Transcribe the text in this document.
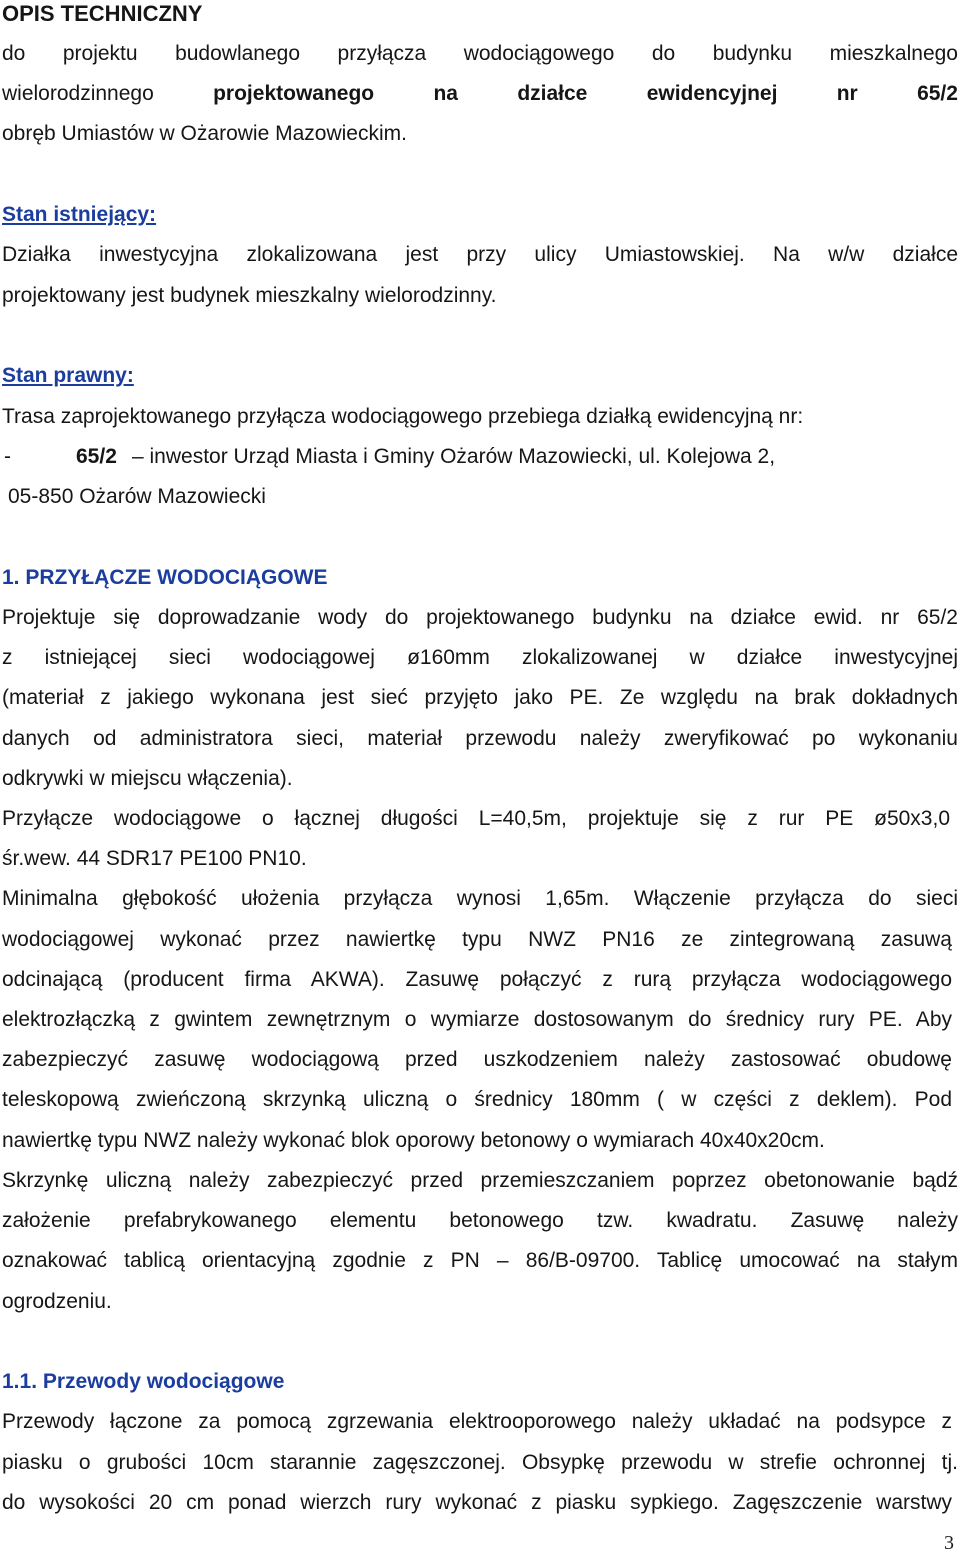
OPIS TECHNICZNY
do projektu budowlanego przyłącza wodociągowego do budynku mieszkalnego
wielorodzinnego	projektowanego	na	działce	ewidencyjnej	nr	65/2
obręb Umiastów w Ożarowie Mazowieckim.
Stan istniejący:
Działka inwestycyjna zlokalizowana jest przy ulicy Umiastowskiej. Na w/w działce
projektowany jest budynek mieszkalny wielorodzinny.
Stan prawny:
Trasa zaprojektowanego przyłącza wodociągowego przebiega działką ewidencyjną nr:
-	65/2 – inwestor Urząd Miasta i Gminy Ożarów Mazowiecki, ul. Kolejowa 2,
05-850 Ożarów Mazowiecki
1. PRZYŁĄCZE WODOCIĄGOWE
Projektuje się doprowadzanie wody do projektowanego budynku na działce ewid. nr 65/2
z istniejącej sieci wodociągowej ø160mm zlokalizowanej w działce inwestycyjnej
(materiał z jakiego wykonana jest sieć przyjęto jako PE. Ze względu na brak dokładnych
danych od administratora sieci, materiał przewodu należy zweryfikować po wykonaniu
odkrywki w miejscu włączenia).
Przyłącze wodociągowe o łącznej długości L=40,5m, projektuje się z rur PE ø50x3,0
śr.wew. 44 SDR17 PE100 PN10.
Minimalna głębokość ułożenia przyłącza wynosi 1,65m. Włączenie przyłącza do sieci
wodociągowej wykonać przez nawiertkę typu NWZ PN16 ze zintegrowaną zasuwą
odcinającą (producent firma AKWA). Zasuwę połączyć z rurą przyłącza wodociągowego
elektrozłączką z gwintem zewnętrznym o wymiarze dostosowanym do średnicy rury PE. Aby
zabezpieczyć zasuwę wodociągową przed uszkodzeniem należy zastosować obudowę
teleskopową zwieńczoną skrzynką uliczną o średnicy 180mm ( w części z deklem). Pod
nawiertkę typu NWZ należy wykonać blok oporowy betonowy o wymiarach 40x40x20cm.
Skrzynkę uliczną należy zabezpieczyć przed przemieszczaniem poprzez obetonowanie bądź
założenie prefabrykowanego elementu betonowego tzw. kwadratu. Zasuwę należy
oznakować tablicą orientacyjną zgodnie z PN – 86/B-09700. Tablicę umocować na stałym
ogrodzeniu.
1.1. Przewody wodociągowe
Przewody łączone za pomocą zgrzewania elektrooporowego należy układać na podsypce z
piasku o grubości 10cm starannie zagęszczonej. Obsypkę przewodu w strefie ochronnej tj.
do wysokości 20 cm ponad wierzch rury wykonać z piasku sypkiego. Zagęszczenie warstwy
3
